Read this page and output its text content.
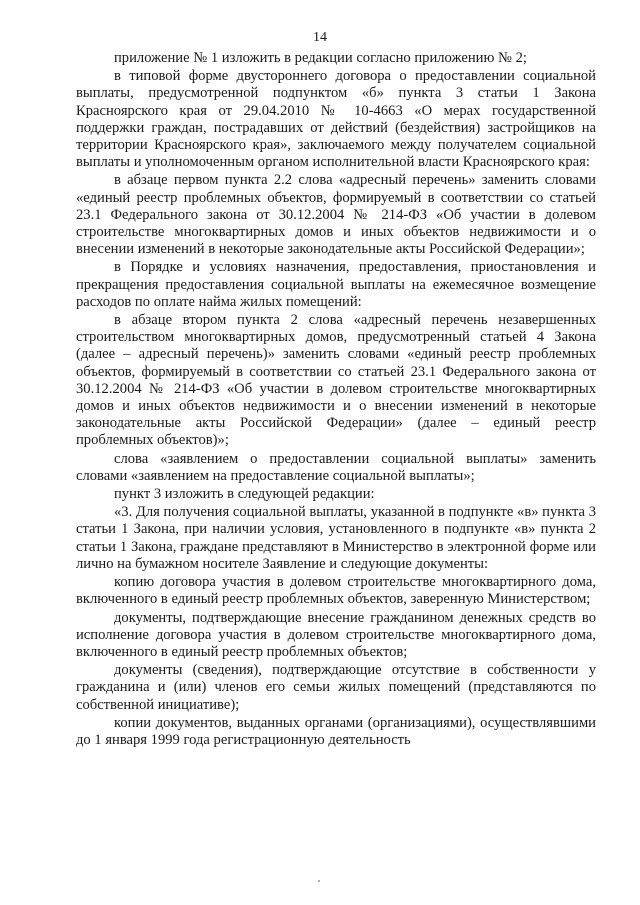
14

приложение № 1 изложить в редакции согласно приложению № 2;

в типовой форме двустороннего договора о предоставлении социальной выплаты, предусмотренной подпунктом «б» пункта 3 статьи 1 Закона Красноярского края от 29.04.2010 № 10-4663 «О мерах государственной поддержки граждан, пострадавших от действий (бездействия) застройщиков на территории Красноярского края», заключаемого между получателем социальной выплаты и уполномоченным органом исполнительной власти Красноярского края:

в абзаце первом пункта 2.2 слова «адресный перечень» заменить словами «единый реестр проблемных объектов, формируемый в соответствии со статьей 23.1 Федерального закона от 30.12.2004 № 214-ФЗ «Об участии в долевом строительстве многоквартирных домов и иных объектов недвижимости и о внесении изменений в некоторые законодательные акты Российской Федерации»;

в Порядке и условиях назначения, предоставления, приостановления и прекращения предоставления социальной выплаты на ежемесячное возмещение расходов по оплате найма жилых помещений:

в абзаце втором пункта 2 слова «адресный перечень незавершенных строительством многоквартирных домов, предусмотренный статьей 4 Закона (далее – адресный перечень)» заменить словами «единый реестр проблемных объектов, формируемый в соответствии со статьей 23.1 Федерального закона от 30.12.2004 № 214-ФЗ «Об участии в долевом строительстве многоквартирных домов и иных объектов недвижимости и о внесении изменений в некоторые законодательные акты Российской Федерации» (далее – единый реестр проблемных объектов)»;

слова «заявлением о предоставлении социальной выплаты» заменить словами «заявлением на предоставление социальной выплаты»;

пункт 3 изложить в следующей редакции:

«3. Для получения социальной выплаты, указанной в подпункте «в» пункта 3 статьи 1 Закона, при наличии условия, установленного в подпункте «в» пункта 2 статьи 1 Закона, граждане представляют в Министерство в электронной форме или лично на бумажном носителе Заявление и следующие документы:

копию договора участия в долевом строительстве многоквартирного дома, включенного в единый реестр проблемных объектов, заверенную Министерством;

документы, подтверждающие внесение гражданином денежных средств во исполнение договора участия в долевом строительстве многоквартирного дома, включенного в единый реестр проблемных объектов;

документы (сведения), подтверждающие отсутствие в собственности у гражданина и (или) членов его семьи жилых помещений (представляются по собственной инициативе);

копии документов, выданных органами (организациями), осуществлявшими до 1 января 1999 года регистрационную деятельность
